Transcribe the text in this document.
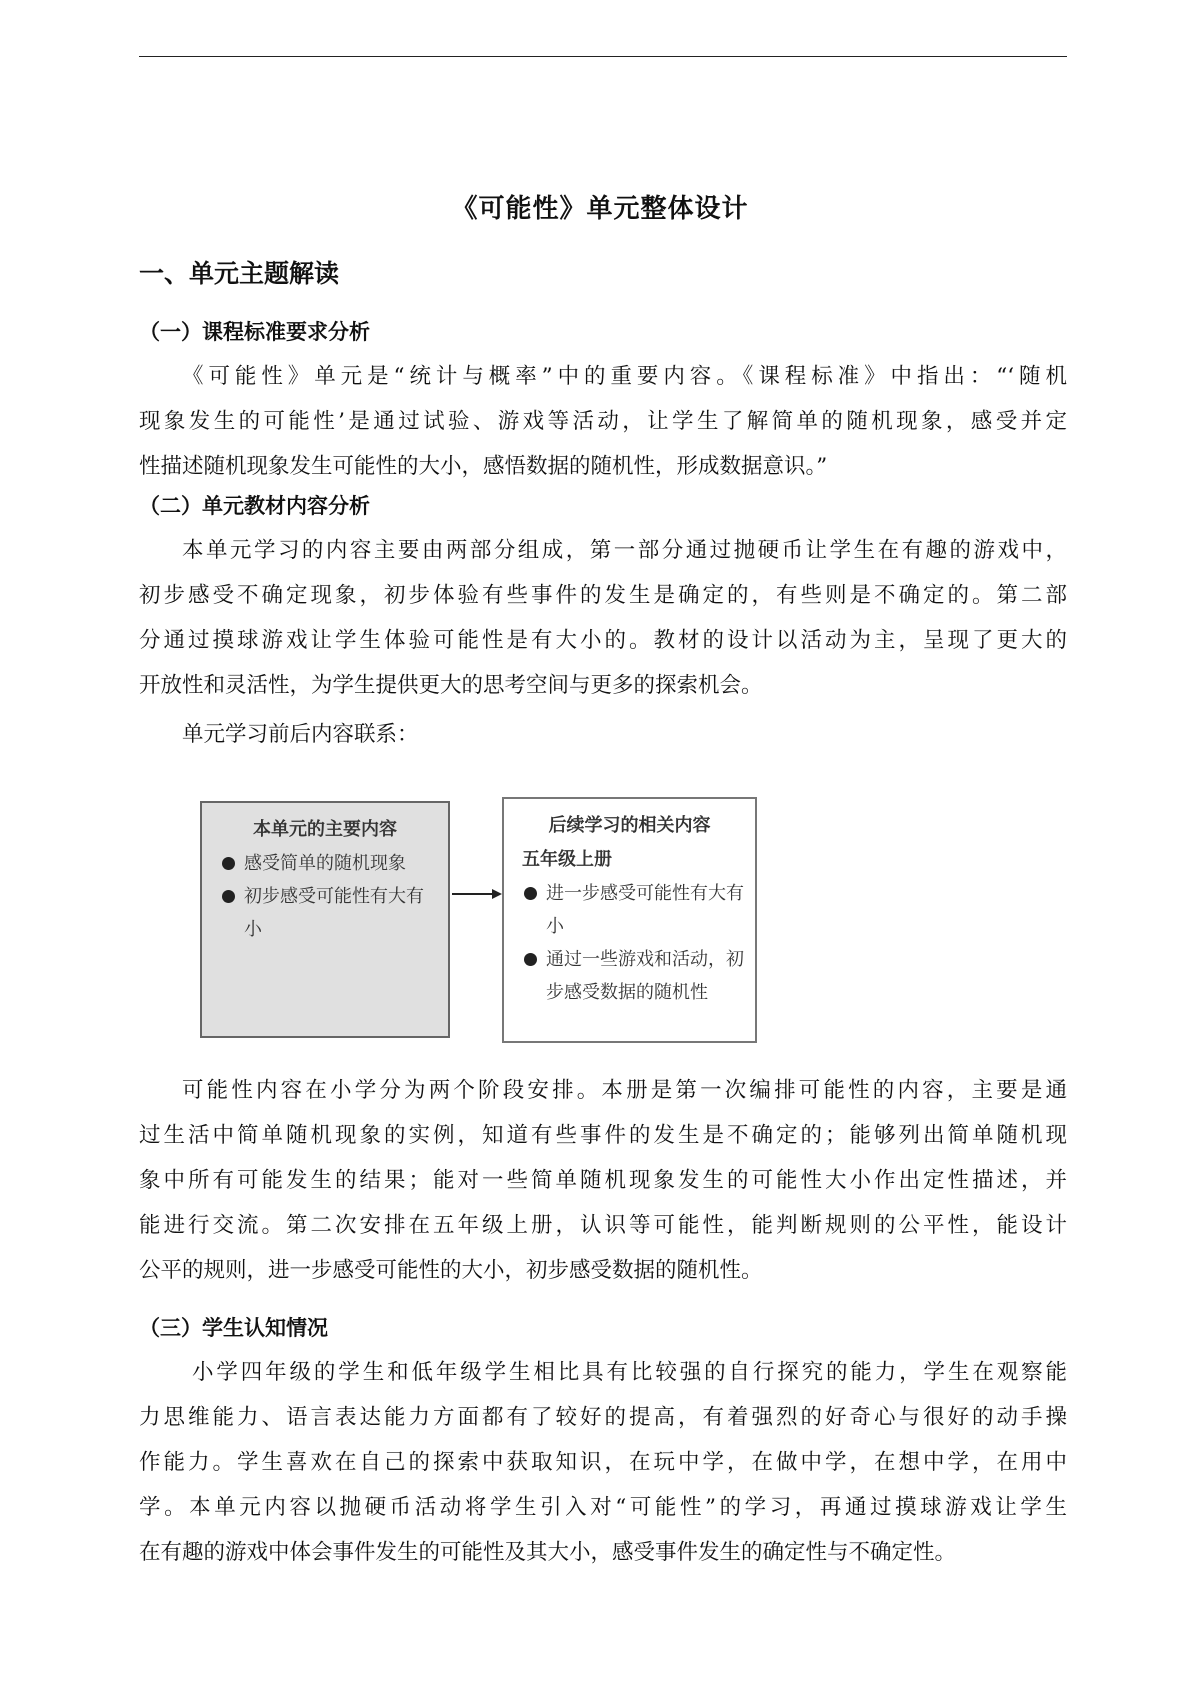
《可能性》单元整体设计
一、单元主题解读
（一）课程标准要求分析
《可能性》单元是“统计与概率”中的重要内容。《课程标准》中指出：“‘随机
现象发生的可能性’是通过试验、游戏等活动，让学生了解简单的随机现象，感受并定
性描述随机现象发生可能性的大小，感悟数据的随机性，形成数据意识。”
（二）单元教材内容分析
本单元学习的内容主要由两部分组成，第一部分通过抛硬币让学生在有趣的游戏中，
初步感受不确定现象，初步体验有些事件的发生是确定的，有些则是不确定的。第二部
分通过摸球游戏让学生体验可能性是有大小的。教材的设计以活动为主，呈现了更大的
开放性和灵活性，为学生提供更大的思考空间与更多的探索机会。
单元学习前后内容联系：
本单元的主要内容
感受简单的随机现象
初步感受可能性有大有小
后续学习的相关内容
五年级上册
进一步感受可能性有大有小
通过一些游戏和活动，初步感受数据的随机性
可能性内容在小学分为两个阶段安排。本册是第一次编排可能性的内容，主要是通
过生活中简单随机现象的实例，知道有些事件的发生是不确定的；能够列出简单随机现
象中所有可能发生的结果；能对一些简单随机现象发生的可能性大小作出定性描述，并
能进行交流。第二次安排在五年级上册，认识等可能性，能判断规则的公平性，能设计
公平的规则，进一步感受可能性的大小，初步感受数据的随机性。
（三）学生认知情况
小学四年级的学生和低年级学生相比具有比较强的自行探究的能力，学生在观察能
力思维能力、语言表达能力方面都有了较好的提高，有着强烈的好奇心与很好的动手操
作能力。学生喜欢在自己的探索中获取知识，在玩中学，在做中学，在想中学，在用中
学。本单元内容以抛硬币活动将学生引入对“可能性”的学习，再通过摸球游戏让学生
在有趣的游戏中体会事件发生的可能性及其大小，感受事件发生的确定性与不确定性。
